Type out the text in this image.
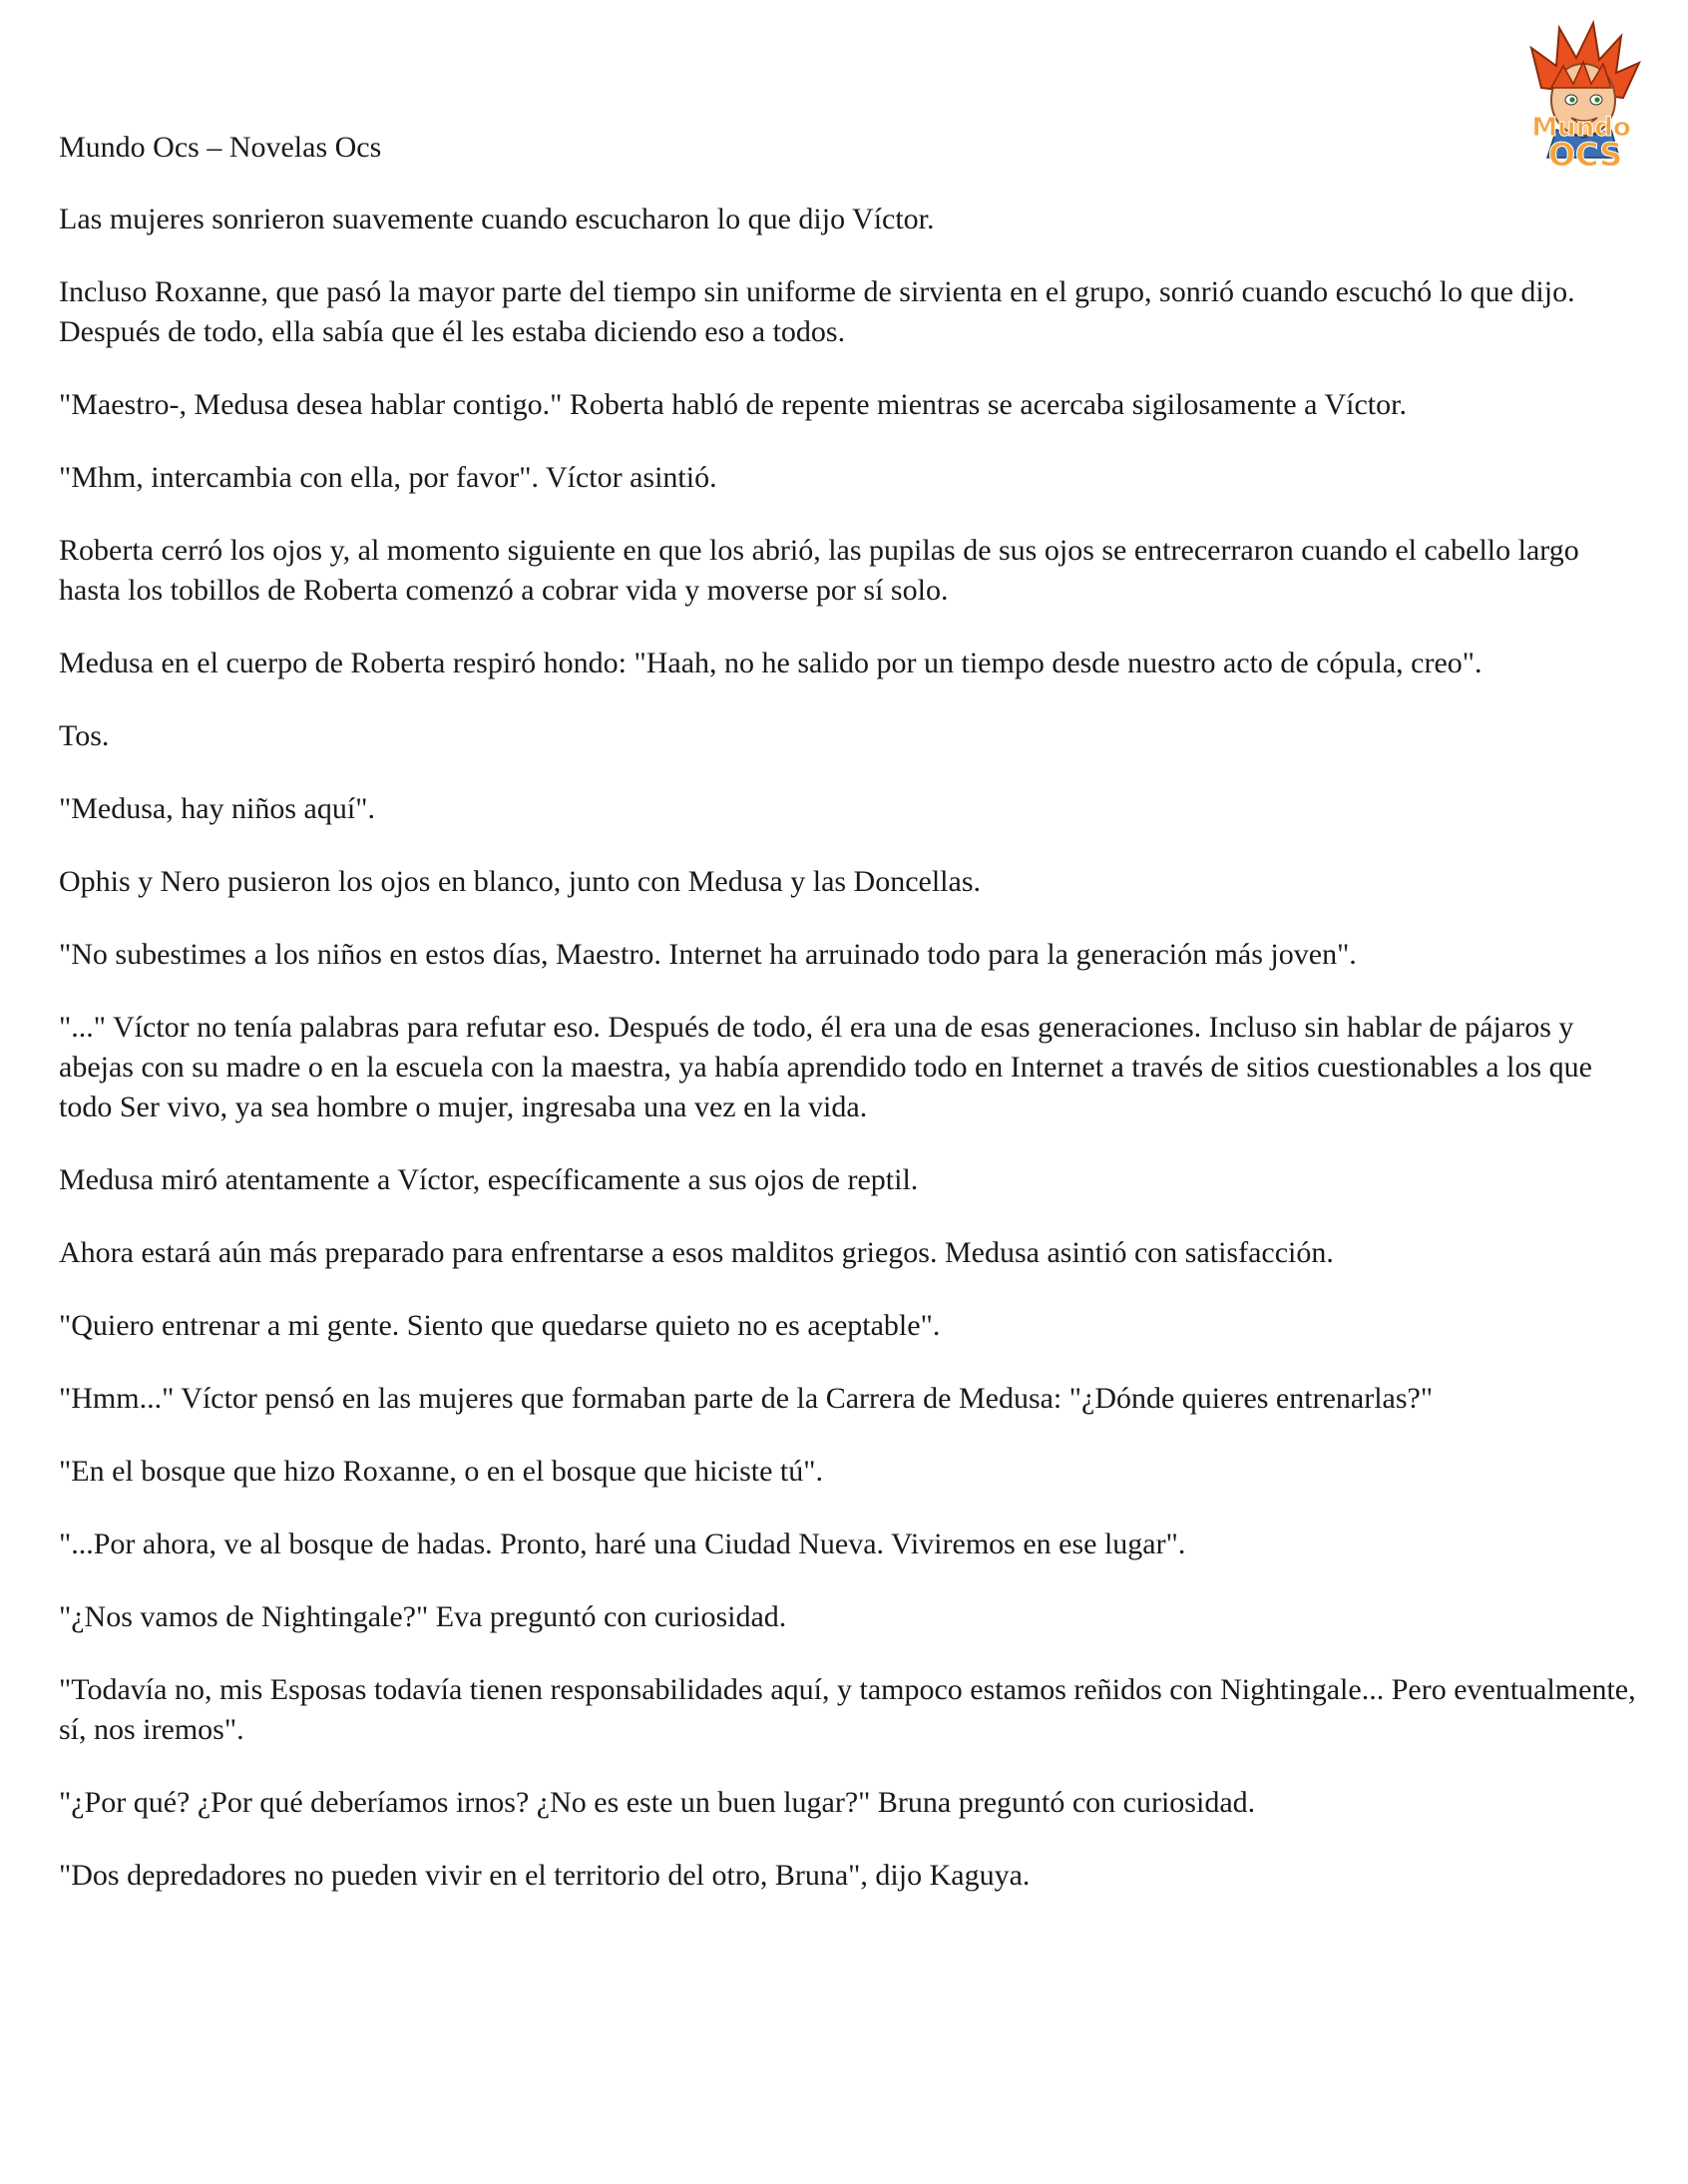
Mundo
OCS
Mundo Ocs – Novelas Ocs

Las mujeres sonrieron suavemente cuando escucharon lo que dijo Víctor.

Incluso Roxanne, que pasó la mayor parte del tiempo sin uniforme de sirvienta en el grupo, sonrió cuando escuchó lo que dijo. Después de todo, ella sabía que él les estaba diciendo eso a todos.

"Maestro-, Medusa desea hablar contigo." Roberta habló de repente mientras se acercaba sigilosamente a Víctor.

"Mhm, intercambia con ella, por favor". Víctor asintió.

Roberta cerró los ojos y, al momento siguiente en que los abrió, las pupilas de sus ojos se entrecerraron cuando el cabello largo hasta los tobillos de Roberta comenzó a cobrar vida y moverse por sí solo.

Medusa en el cuerpo de Roberta respiró hondo: "Haah, no he salido por un tiempo desde nuestro acto de cópula, creo".

Tos.

"Medusa, hay niños aquí".

Ophis y Nero pusieron los ojos en blanco, junto con Medusa y las Doncellas.

"No subestimes a los niños en estos días, Maestro. Internet ha arruinado todo para la generación más joven".

"..." Víctor no tenía palabras para refutar eso. Después de todo, él era una de esas generaciones. Incluso sin hablar de pájaros y abejas con su madre o en la escuela con la maestra, ya había aprendido todo en Internet a través de sitios cuestionables a los que todo Ser vivo, ya sea hombre o mujer, ingresaba una vez en la vida.

Medusa miró atentamente a Víctor, específicamente a sus ojos de reptil.

Ahora estará aún más preparado para enfrentarse a esos malditos griegos. Medusa asintió con satisfacción.

"Quiero entrenar a mi gente. Siento que quedarse quieto no es aceptable".

"Hmm..." Víctor pensó en las mujeres que formaban parte de la Carrera de Medusa: "¿Dónde quieres entrenarlas?"

"En el bosque que hizo Roxanne, o en el bosque que hiciste tú".

"...Por ahora, ve al bosque de hadas. Pronto, haré una Ciudad Nueva. Viviremos en ese lugar".

"¿Nos vamos de Nightingale?" Eva preguntó con curiosidad.

"Todavía no, mis Esposas todavía tienen responsabilidades aquí, y tampoco estamos reñidos con Nightingale... Pero eventualmente, sí, nos iremos".

"¿Por qué? ¿Por qué deberíamos irnos? ¿No es este un buen lugar?" Bruna preguntó con curiosidad.

"Dos depredadores no pueden vivir en el territorio del otro, Bruna", dijo Kaguya.
